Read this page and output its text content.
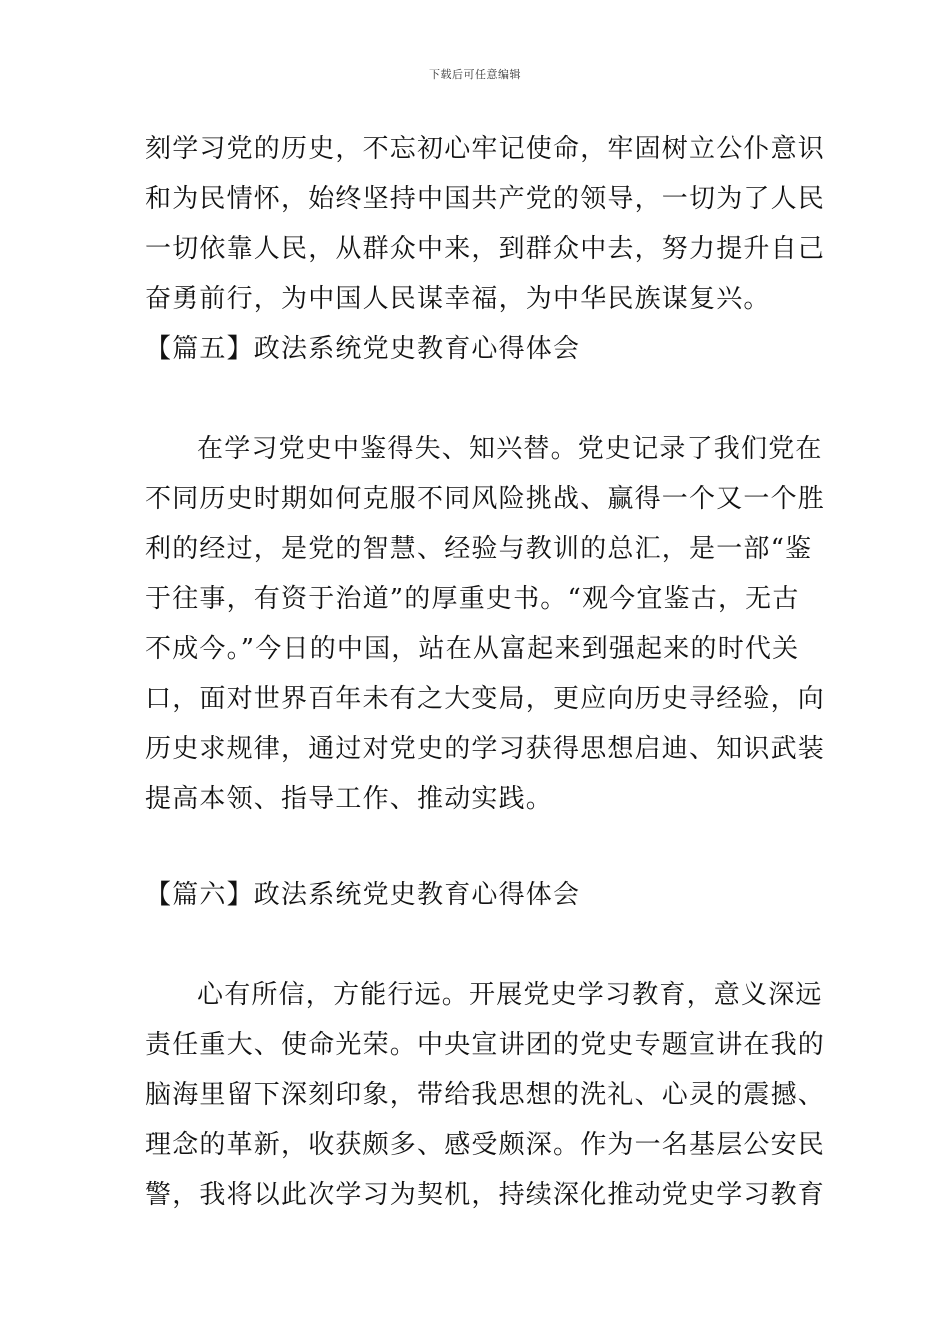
下载后可任意编辑
刻学习党的历史，不忘初心牢记使命，牢固树立公仆意识
和为民情怀，始终坚持中国共产党的领导，一切为了人民
一切依靠人民，从群众中来，到群众中去，努力提升自己
奋勇前行，为中国人民谋幸福，为中华民族谋复兴。
【篇五】政法系统党史教育心得体会
在学习党史中鉴得失、知兴替。党史记录了我们党在
不同历史时期如何克服不同风险挑战、赢得一个又一个胜
利的经过，是党的智慧、经验与教训的总汇，是一部“鉴
于往事，有资于治道”的厚重史书。“观今宜鉴古，无古
不成今。”今日的中国，站在从富起来到强起来的时代关
口，面对世界百年未有之大变局，更应向历史寻经验，向
历史求规律，通过对党史的学习获得思想启迪、知识武装
提高本领、指导工作、推动实践。
【篇六】政法系统党史教育心得体会
心有所信，方能行远。开展党史学习教育，意义深远
责任重大、使命光荣。中央宣讲团的党史专题宣讲在我的
脑海里留下深刻印象，带给我思想的洗礼、心灵的震撼、
理念的革新，收获颇多、感受颇深。作为一名基层公安民
警，我将以此次学习为契机，持续深化推动党史学习教育
